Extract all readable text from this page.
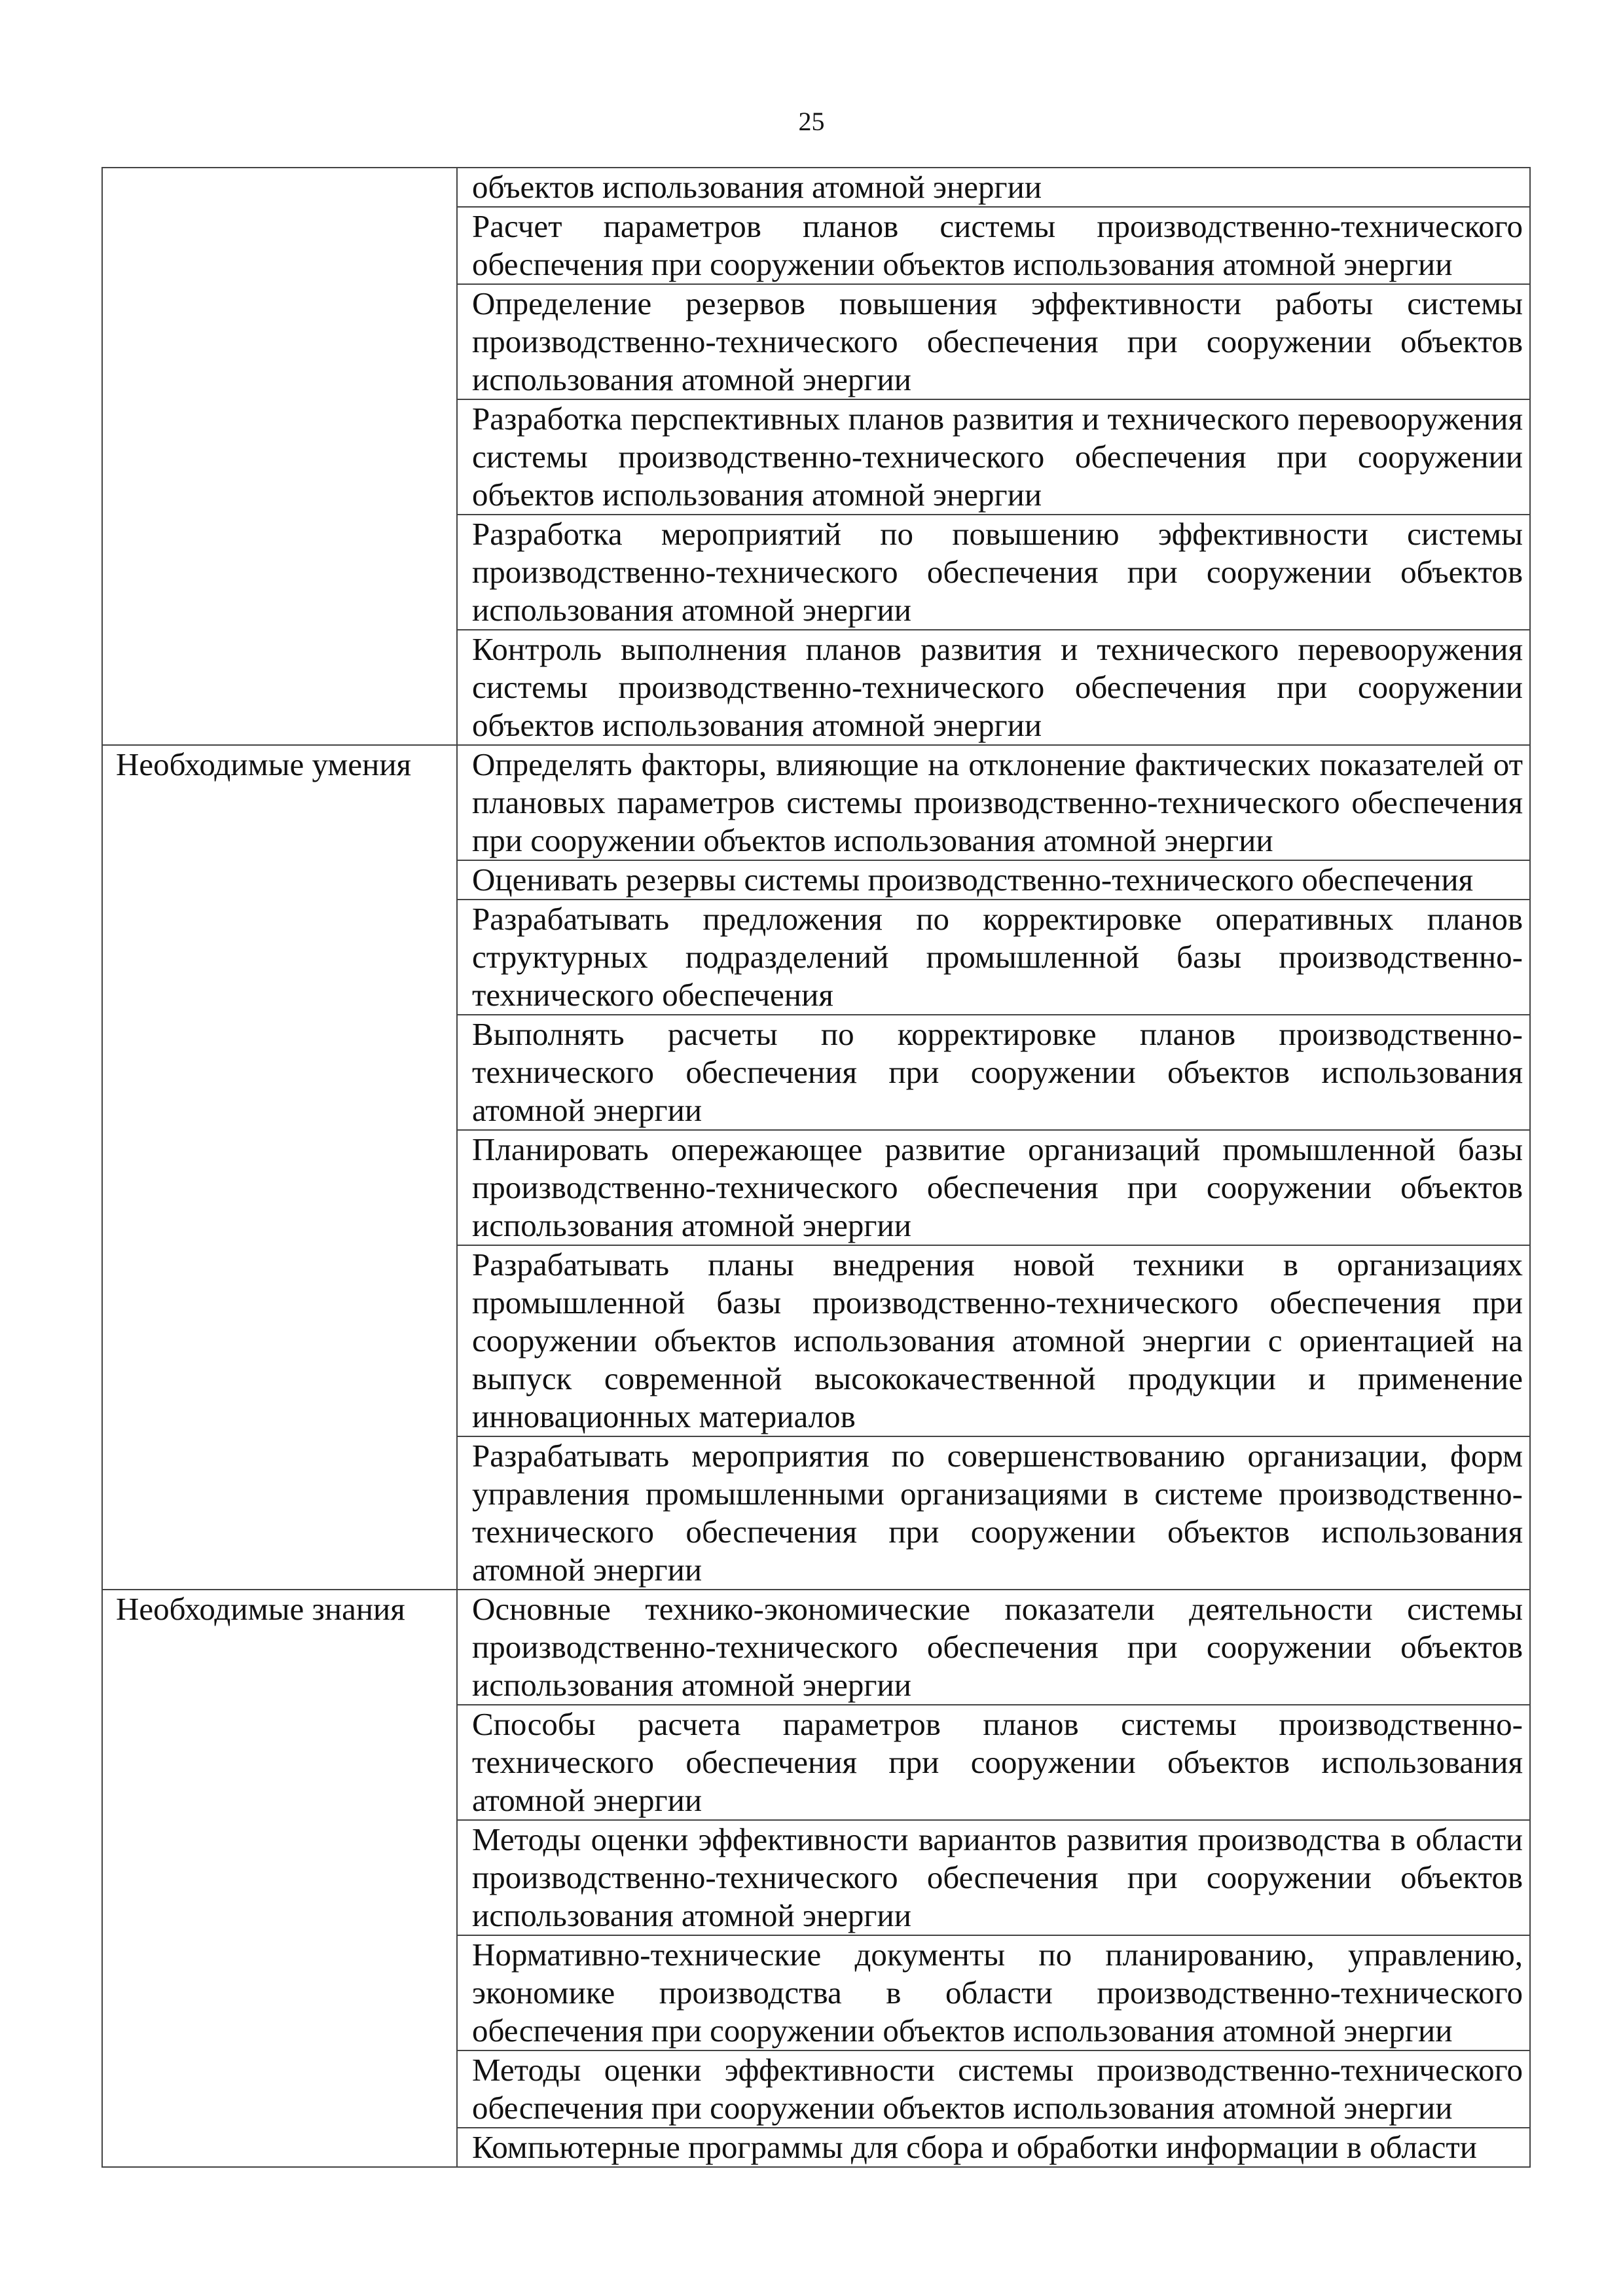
25
	объектов использования атомной энергии
	Расчет параметров планов системы производственно-технического обеспечения при сооружении объектов использования атомной энергии
	Определение резервов повышения эффективности работы системы производственно-технического обеспечения при сооружении объектов использования атомной энергии
	Разработка перспективных планов развития и технического перевооружения системы производственно-технического обеспечения при сооружении объектов использования атомной энергии
	Разработка мероприятий по повышению эффективности системы производственно-технического обеспечения при сооружении объектов использования атомной энергии
	Контроль выполнения планов развития и технического перевооружения системы производственно-технического обеспечения при сооружении объектов использования атомной энергии
Необходимые умения	Определять факторы, влияющие на отклонение фактических показателей от плановых параметров системы производственно-технического обеспечения при сооружении объектов использования атомной энергии
	Оценивать резервы системы производственно-технического обеспечения
	Разрабатывать предложения по корректировке оперативных планов структурных подразделений промышленной базы производственно-технического обеспечения
	Выполнять расчеты по корректировке планов производственно-технического обеспечения при сооружении объектов использования атомной энергии
	Планировать опережающее развитие организаций промышленной базы производственно-технического обеспечения при сооружении объектов использования атомной энергии
	Разрабатывать планы внедрения новой техники в организациях промышленной базы производственно-технического обеспечения при сооружении объектов использования атомной энергии с ориентацией на выпуск современной высококачественной продукции и применение инновационных материалов
	Разрабатывать мероприятия по совершенствованию организации, форм управления промышленными организациями в системе производственно-технического обеспечения при сооружении объектов использования атомной энергии
Необходимые знания	Основные технико-экономические показатели деятельности системы производственно-технического обеспечения при сооружении объектов использования атомной энергии
	Способы расчета параметров планов системы производственно-технического обеспечения при сооружении объектов использования атомной энергии
	Методы оценки эффективности вариантов развития производства в области производственно-технического обеспечения при сооружении объектов использования атомной энергии
	Нормативно-технические документы по планированию, управлению, экономике производства в области производственно-технического обеспечения при сооружении объектов использования атомной энергии
	Методы оценки эффективности системы производственно-технического обеспечения при сооружении объектов использования атомной энергии
	Компьютерные программы для сбора и обработки информации в области
